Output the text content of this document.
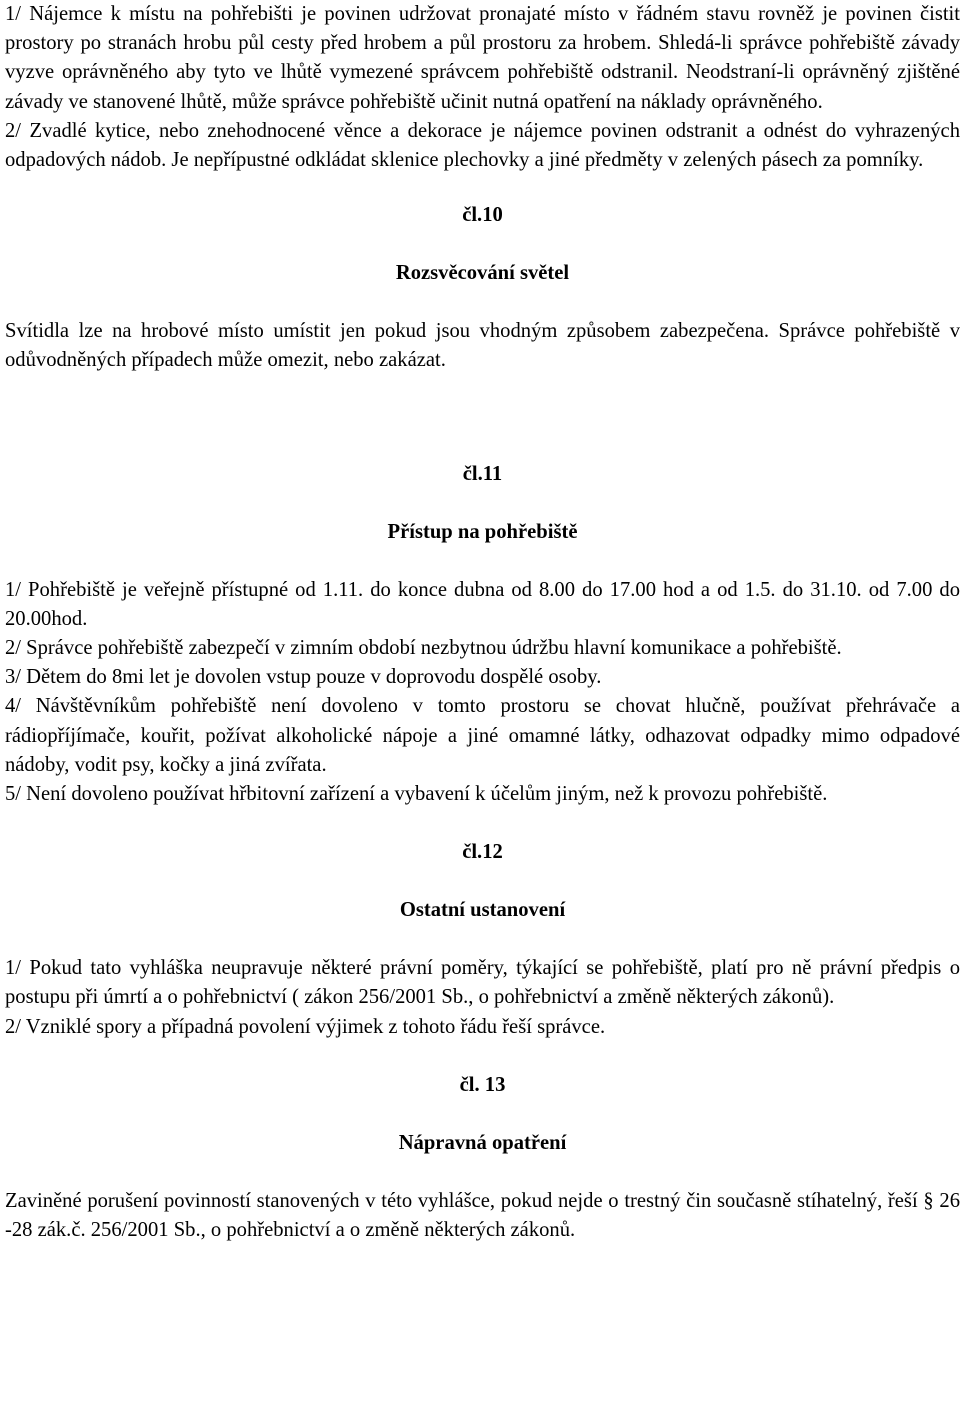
1/ Nájemce k místu na pohřebišti je povinen udržovat pronajaté místo v řádném stavu rovněž je povinen čistit prostory po stranách hrobu půl cesty před hrobem a půl prostoru za hrobem. Shledá-li správce pohřebiště závady vyzve oprávněného aby tyto ve lhůtě vymezené správcem pohřebiště odstranil. Neodstraní-li oprávněný zjištěné závady ve stanovené lhůtě, může správce pohřebiště učinit nutná opatření na náklady oprávněného.

2/ Zvadlé kytice, nebo znehodnocené věnce a dekorace je nájemce povinen odstranit a odnést do vyhrazených odpadových nádob. Je nepřípustné odkládat sklenice plechovky a jiné předměty v zelených pásech za pomníky.

čl.10

Rozsvěcování světel

Svítidla lze na hrobové místo umístit jen pokud jsou vhodným způsobem zabezpečena. Správce pohřebiště v odůvodněných případech může omezit, nebo zakázat.

čl.11

Přístup na pohřebiště

1/ Pohřebiště je veřejně přístupné od 1.11. do konce dubna od 8.00 do 17.00 hod a od 1.5. do 31.10. od 7.00 do 20.00hod.

2/ Správce pohřebiště zabezpečí v zimním období nezbytnou údržbu hlavní komunikace a pohřebiště.

3/ Dětem do 8mi let je dovolen vstup pouze v doprovodu dospělé osoby.

4/ Návštěvníkům pohřebiště není dovoleno v tomto prostoru se chovat hlučně, používat přehrávače a rádiopříjímače, kouřit, požívat alkoholické nápoje a jiné omamné látky, odhazovat odpadky mimo odpadové nádoby, vodit psy, kočky a jiná zvířata.

5/ Není dovoleno používat hřbitovní zařízení a vybavení k účelům jiným, než k provozu pohřebiště.

čl.12

Ostatní ustanovení

1/ Pokud tato vyhláška neupravuje některé právní poměry, týkající se pohřebiště, platí pro ně právní předpis o postupu při úmrtí a o pohřebnictví ( zákon 256/2001 Sb., o pohřebnictví a změně některých zákonů).

2/ Vzniklé spory a případná povolení výjimek z tohoto řádu řeší správce.

čl. 13

Nápravná opatření

Zaviněné porušení povinností stanovených v této vyhlášce, pokud nejde o trestný čin současně stíhatelný, řeší § 26 -28 zák.č. 256/2001 Sb., o pohřebnictví a o změně některých zákonů.
